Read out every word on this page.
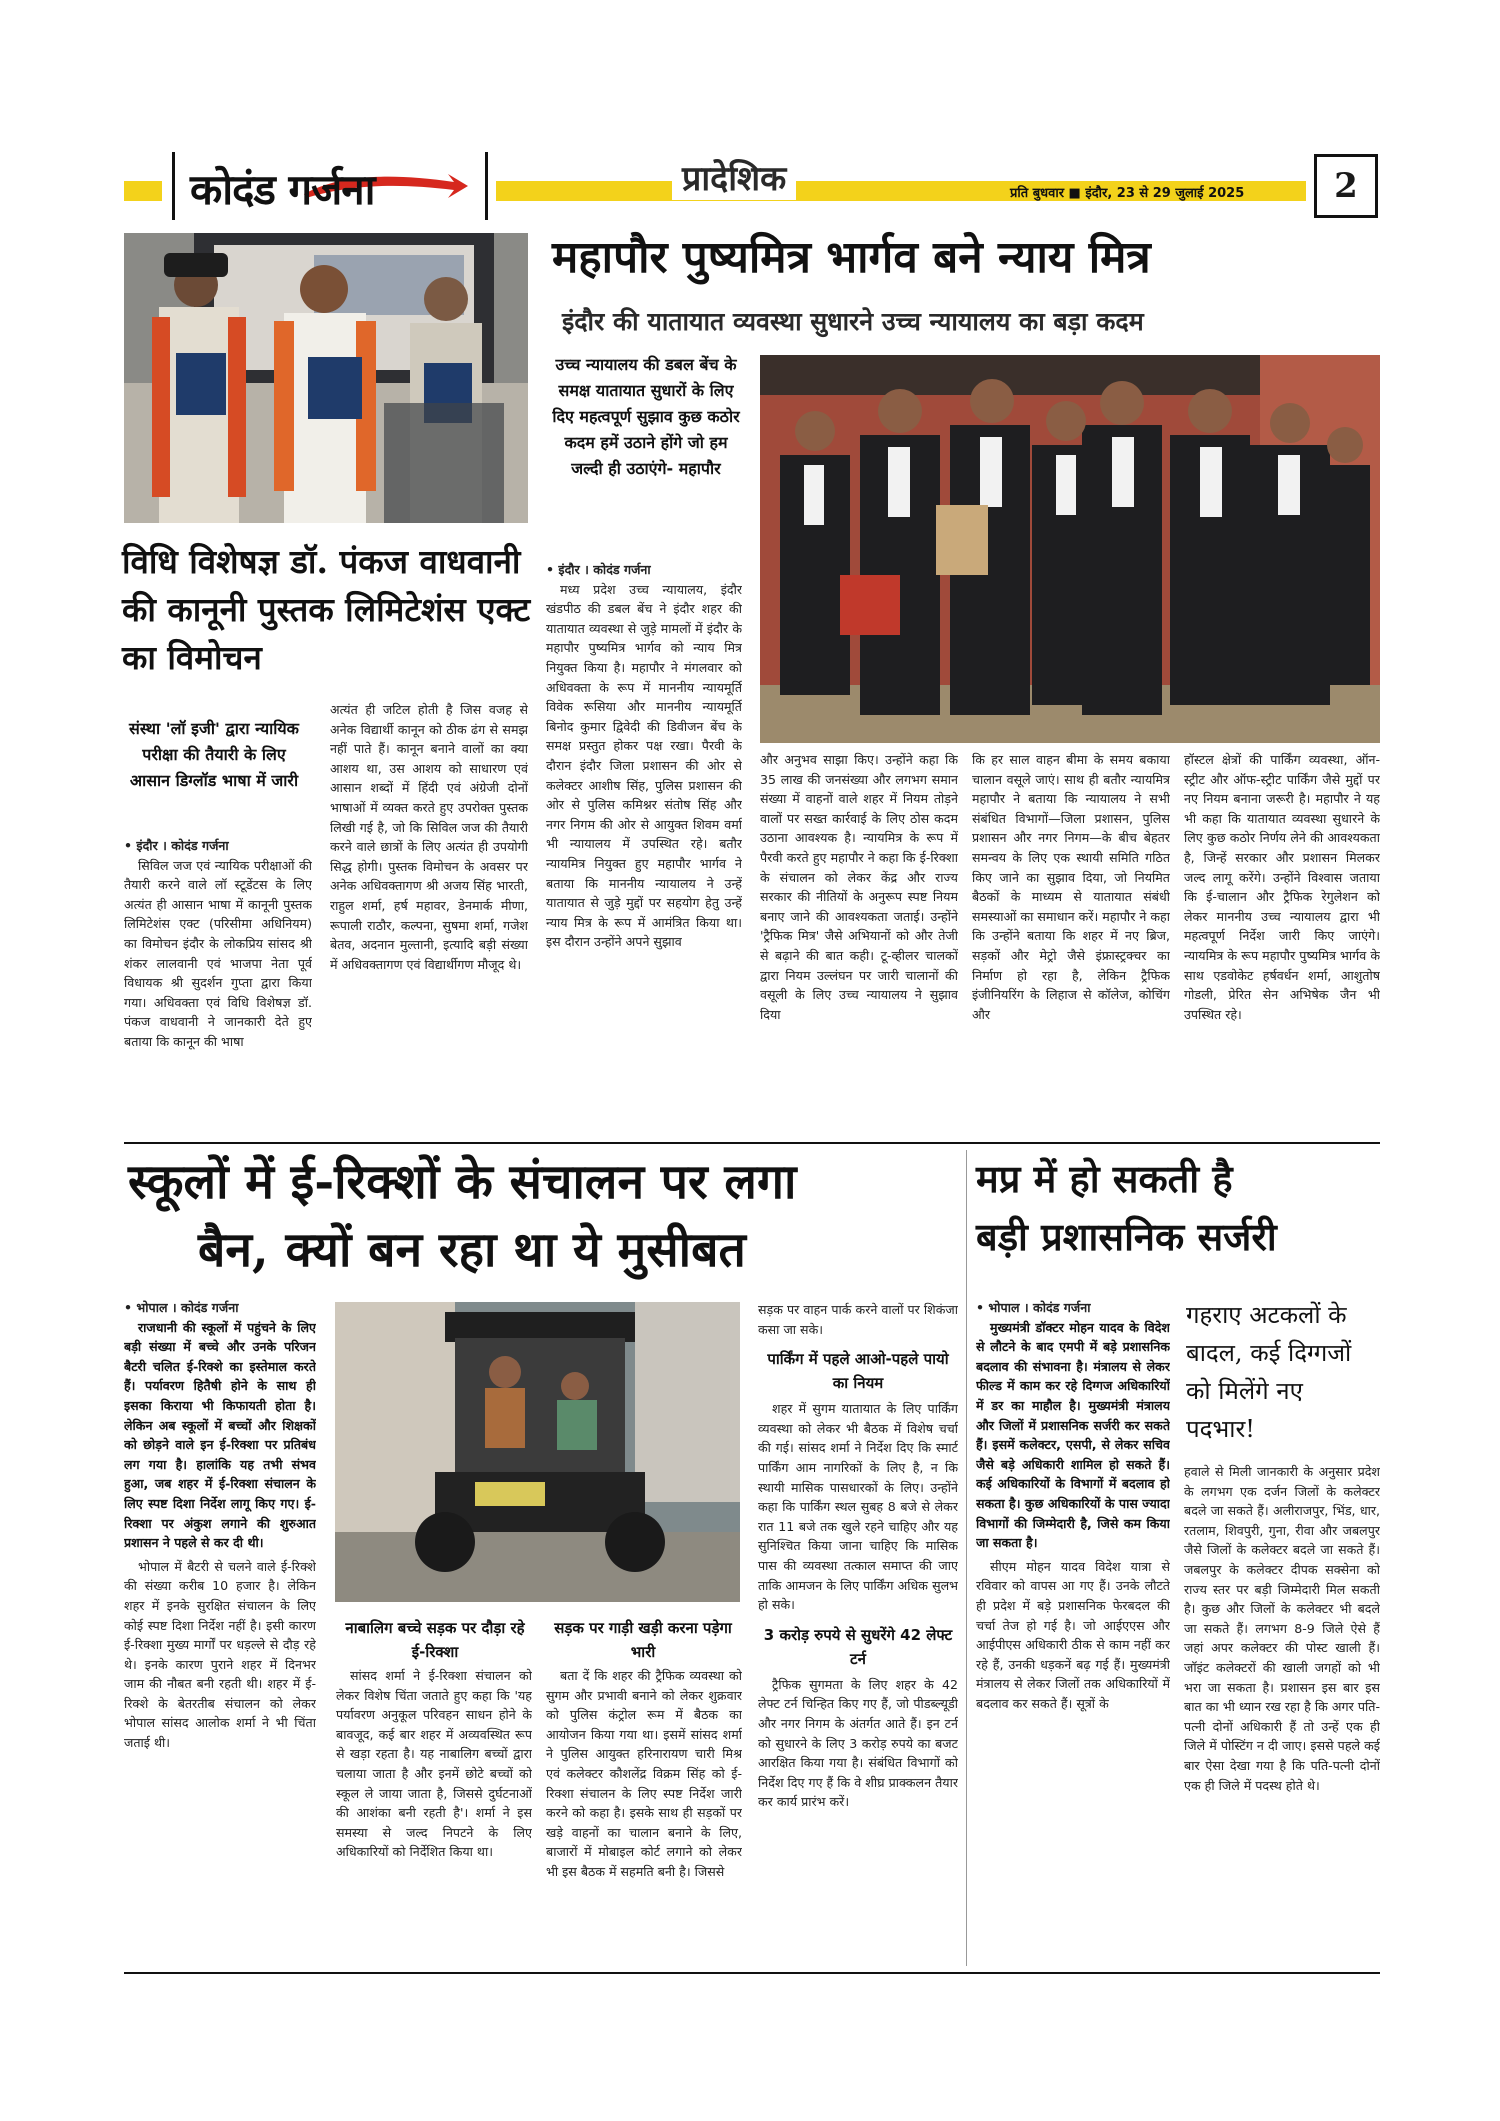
कोदंड गर्जना	प्रादेशिक	प्रति बुधवार ■ इंदौर, 23 से 29 जुलाई 2025	2
विधि विशेषज्ञ डॉ. पंकज वाधवानी की कानूनी पुस्तक लिमिटेशंस एक्ट का विमोचन
संस्था 'लॉ इजी' द्वारा न्यायिक परीक्षा की तैयारी के लिए आसान डिग्लॉड भाषा में जारी
• इंदौर । कोदंड गर्जना

सिविल जज एवं न्यायिक परीक्षाओं की तैयारी करने वाले लॉ स्टूडेंटस के लिए अत्यंत ही आसान भाषा में कानूनी पुस्तक लिमिटेशंस एक्ट (परिसीमा अधिनियम) का विमोचन इंदौर के लोकप्रिय सांसद श्री शंकर लालवानी एवं भाजपा नेता पूर्व विधायक श्री सुदर्शन गुप्ता द्वारा किया गया। अधिवक्ता एवं विधि विशेषज्ञ डॉ. पंकज वाधवानी ने जानकारी देते हुए बताया कि कानून की भाषा

अत्यंत ही जटिल होती है जिस वजह से अनेक विद्यार्थी कानून को ठीक ढंग से समझ नहीं पाते हैं। कानून बनाने वालों का क्या आशय था, उस आशय को साधारण एवं आसान शब्दों में हिंदी एवं अंग्रेजी दोनों भाषाओं में व्यक्त करते हुए उपरोक्त पुस्तक लिखी गई है, जो कि सिविल जज की तैयारी करने वाले छात्रों के लिए अत्यंत ही उपयोगी सिद्ध होगी। पुस्तक विमोचन के अवसर पर अनेक अधिवक्तागण श्री अजय सिंह भारती, राहुल शर्मा, हर्ष महावर, डेनमार्क मीणा, रूपाली राठौर, कल्पना, सुषमा शर्मा, गजेश बेतव, अदनान मुल्तानी, इत्यादि बड़ी संख्या में अधिवक्तागण एवं विद्यार्थीगण मौजूद थे।

महापौर पुष्यमित्र भार्गव बने न्याय मित्र
इंदौर की यातायात व्यवस्था सुधारने उच्च न्यायालय का बड़ा कदम
उच्च न्यायालय की डबल बेंच के समक्ष यातायात सुधारों के लिए दिए महत्वपूर्ण सुझाव कुछ कठोर कदम हमें उठाने होंगे जो हम जल्दी ही उठाएंगे- महापौर
• इंदौर । कोदंड गर्जना

मध्य प्रदेश उच्च न्यायालय, इंदौर खंडपीठ की डबल बेंच ने इंदौर शहर की यातायात व्यवस्था से जुड़े मामलों में इंदौर के महापौर पुष्यमित्र भार्गव को न्याय मित्र नियुक्त किया है। महापौर ने मंगलवार को अधिवक्ता के रूप में माननीय न्यायमूर्ति विवेक रूसिया और माननीय न्यायमूर्ति बिनोद कुमार द्विवेदी की डिवीजन बेंच के समक्ष प्रस्तुत होकर पक्ष रखा। पैरवी के दौरान इंदौर जिला प्रशासन की ओर से कलेक्टर आशीष सिंह, पुलिस प्रशासन की ओर से पुलिस कमिश्नर संतोष सिंह और नगर निगम की ओर से आयुक्त शिवम वर्मा भी न्यायालय में उपस्थित रहे। बतौर न्यायमित्र नियुक्त हुए महापौर भार्गव ने बताया कि माननीय न्यायालय ने उन्हें यातायात से जुड़े मुद्दों पर सहयोग हेतु उन्हें न्याय मित्र के रूप में आमंत्रित किया था। इस दौरान उन्होंने अपने सुझाव

और अनुभव साझा किए। उन्होंने कहा कि 35 लाख की जनसंख्या और लगभग समान संख्या में वाहनों वाले शहर में नियम तोड़ने वालों पर सख्त कार्रवाई के लिए ठोस कदम उठाना आवश्यक है। न्यायमित्र के रूप में पैरवी करते हुए महापौर ने कहा कि ई-रिक्शा के संचालन को लेकर केंद्र और राज्य सरकार की नीतियों के अनुरूप स्पष्ट नियम बनाए जाने की आवश्यकता जताई। उन्होंने 'ट्रैफिक मित्र' जैसे अभियानों को और तेजी से बढ़ाने की बात कही। टू-व्हीलर चालकों द्वारा नियम उल्लंघन पर जारी चालानों की वसूली के लिए उच्च न्यायालय ने सुझाव दिया

कि हर साल वाहन बीमा के समय बकाया चालान वसूले जाएं। साथ ही बतौर न्यायमित्र महापौर ने बताया कि न्यायालय ने सभी संबंधित विभागों—जिला प्रशासन, पुलिस प्रशासन और नगर निगम—के बीच बेहतर समन्वय के लिए एक स्थायी समिति गठित किए जाने का सुझाव दिया, जो नियमित बैठकों के माध्यम से यातायात संबंधी समस्याओं का समाधान करें। महापौर ने कहा कि उन्होंने बताया कि शहर में नए ब्रिज, सड़कों और मेट्रो जैसे इंफ्रास्ट्रक्चर का निर्माण हो रहा है, लेकिन ट्रैफिक इंजीनियरिंग के लिहाज से कॉलेज, कोचिंग और

हॉस्टल क्षेत्रों की पार्किंग व्यवस्था, ऑन-स्ट्रीट और ऑफ-स्ट्रीट पार्किंग जैसे मुद्दों पर नए नियम बनाना जरूरी है। महापौर ने यह भी कहा कि यातायात व्यवस्था सुधारने के लिए कुछ कठोर निर्णय लेने की आवश्यकता है, जिन्हें सरकार और प्रशासन मिलकर जल्द लागू करेंगे। उन्होंने विश्वास जताया कि ई-चालान और ट्रैफिक रेगुलेशन को लेकर माननीय उच्च न्यायालय द्वारा भी महत्वपूर्ण निर्देश जारी किए जाएंगे। न्यायमित्र के रूप महापौर पुष्यमित्र भार्गव के साथ एडवोकेट हर्षवर्धन शर्मा, आशुतोष गोडली, प्रेरित सेन अभिषेक जैन भी उपस्थित रहे।

स्कूलों में ई-रिक्शों के संचालन पर लगा
बैन, क्यों बन रहा था ये मुसीबत
• भोपाल । कोदंड गर्जना

राजधानी की स्कूलों में पहुंचने के लिए बड़ी संख्या में बच्चे और उनके परिजन बैटरी चलित ई-रिक्शे का इस्तेमाल करते हैं। पर्यावरण हितैषी होने के साथ ही इसका किराया भी किफायती होता है। लेकिन अब स्कूलों में बच्चों और शिक्षकों को छोड़ने वाले इन ई-रिक्शा पर प्रतिबंध लग गया है। हालांकि यह तभी संभव हुआ, जब शहर में ई-रिक्शा संचालन के लिए स्पष्ट दिशा निर्देश लागू किए गए। ई-रिक्शा पर अंकुश लगाने की शुरुआत प्रशासन ने पहले से कर दी थी।

भोपाल में बैटरी से चलने वाले ई-रिक्शे की संख्या करीब 10 हजार है। लेकिन शहर में इनके सुरक्षित संचालन के लिए कोई स्पष्ट दिशा निर्देश नहीं है। इसी कारण ई-रिक्शा मुख्य मार्गों पर धड़ल्ले से दौड़ रहे थे। इनके कारण पुराने शहर में दिनभर जाम की नौबत बनी रहती थी। शहर में ई-रिक्शे के बेतरतीब संचालन को लेकर भोपाल सांसद आलोक शर्मा ने भी चिंता जताई थी।

नाबालिग बच्चे सड़क पर दौड़ा रहे ई-रिक्शा

सांसद शर्मा ने ई-रिक्शा संचालन को लेकर विशेष चिंता जताते हुए कहा कि 'यह पर्यावरण अनुकूल परिवहन साधन होने के बावजूद, कई बार शहर में अव्यवस्थित रूप से खड़ा रहता है। यह नाबालिग बच्चों द्वारा चलाया जाता है और इनमें छोटे बच्चों को स्कूल ले जाया जाता है, जिससे दुर्घटनाओं की आशंका बनी रहती है'। शर्मा ने इस समस्या से जल्द निपटने के लिए अधिकारियों को निर्देशित किया था।

सड़क पर गाड़ी खड़ी करना पड़ेगा भारी

बता दें कि शहर की ट्रैफिक व्यवस्था को सुगम और प्रभावी बनाने को लेकर शुक्रवार को पुलिस कंट्रोल रूम में बैठक का आयोजन किया गया था। इसमें सांसद शर्मा ने पुलिस आयुक्त हरिनारायण चारी मिश्र एवं कलेक्टर कौशलेंद्र विक्रम सिंह को ई-रिक्शा संचालन के लिए स्पष्ट निर्देश जारी करने को कहा है। इसके साथ ही सड़कों पर खड़े वाहनों का चालान बनाने के लिए, बाजारों में मोबाइल कोर्ट लगाने को लेकर भी इस बैठक में सहमति बनी है। जिससे

सड़क पर वाहन पार्क करने वालों पर शिकंजा कसा जा सके।

पार्किंग में पहले आओ-पहले पायो का नियम

शहर में सुगम यातायात के लिए पार्किंग व्यवस्था को लेकर भी बैठक में विशेष चर्चा की गई। सांसद शर्मा ने निर्देश दिए कि स्मार्ट पार्किंग आम नागरिकों के लिए है, न कि स्थायी मासिक पासधारकों के लिए। उन्होंने कहा कि पार्किंग स्थल सुबह 8 बजे से लेकर रात 11 बजे तक खुले रहने चाहिए और यह सुनिश्चित किया जाना चाहिए कि मासिक पास की व्यवस्था तत्काल समाप्त की जाए ताकि आमजन के लिए पार्किंग अधिक सुलभ हो सके।

3 करोड़ रुपये से सुधरेंगे 42 लेफ्ट टर्न

ट्रैफिक सुगमता के लिए शहर के 42 लेफ्ट टर्न चिन्हित किए गए हैं, जो पीडब्ल्यूडी और नगर निगम के अंतर्गत आते हैं। इन टर्न को सुधारने के लिए 3 करोड़ रुपये का बजट आरक्षित किया गया है। संबंधित विभागों को निर्देश दिए गए हैं कि वे शीघ्र प्राक्कलन तैयार कर कार्य प्रारंभ करें।

मप्र में हो सकती है
बड़ी प्रशासनिक सर्जरी
• भोपाल । कोदंड गर्जना

मुख्यमंत्री डॉक्टर मोहन यादव के विदेश से लौटने के बाद एमपी में बड़े प्रशासनिक बदलाव की संभावना है। मंत्रालय से लेकर फील्ड में काम कर रहे दिग्गज अधिकारियों में डर का माहौल है। मुख्यमंत्री मंत्रालय और जिलों में प्रशासनिक सर्जरी कर सकते हैं। इसमें कलेक्टर, एसपी, से लेकर सचिव जैसे बड़े अधिकारी शामिल हो सकते हैं। कई अधिकारियों के विभागों में बदलाव हो सकता है। कुछ अधिकारियों के पास ज्यादा विभागों की जिम्मेदारी है, जिसे कम किया जा सकता है।

सीएम मोहन यादव विदेश यात्रा से रविवार को वापस आ गए हैं। उनके लौटते ही प्रदेश में बड़े प्रशासनिक फेरबदल की चर्चा तेज हो गई है। जो आईएएस और आईपीएस अधिकारी ठीक से काम नहीं कर रहे हैं, उनकी धड़कनें बढ़ गई हैं। मुख्यमंत्री मंत्रालय से लेकर जिलों तक अधिकारियों में बदलाव कर सकते हैं। सूत्रों के

गहराए अटकलों के बादल, कई दिग्गजों को मिलेंगे नए पदभार!

हवाले से मिली जानकारी के अनुसार प्रदेश के लगभग एक दर्जन जिलों के कलेक्टर बदले जा सकते हैं। अलीराजपुर, भिंड, धार, रतलाम, शिवपुरी, गुना, रीवा और जबलपुर जैसे जिलों के कलेक्टर बदले जा सकते हैं। जबलपुर के कलेक्टर दीपक सक्सेना को राज्य स्तर पर बड़ी जिम्मेदारी मिल सकती है। कुछ और जिलों के कलेक्टर भी बदले जा सकते हैं। लगभग 8-9 जिले ऐसे हैं जहां अपर कलेक्टर की पोस्ट खाली हैं। जॉइंट कलेक्टरों की खाली जगहों को भी भरा जा सकता है। प्रशासन इस बार इस बात का भी ध्यान रख रहा है कि अगर पति-पत्नी दोनों अधिकारी हैं तो उन्हें एक ही जिले में पोस्टिंग न दी जाए। इससे पहले कई बार ऐसा देखा गया है कि पति-पत्नी दोनों एक ही जिले में पदस्थ होते थे।
